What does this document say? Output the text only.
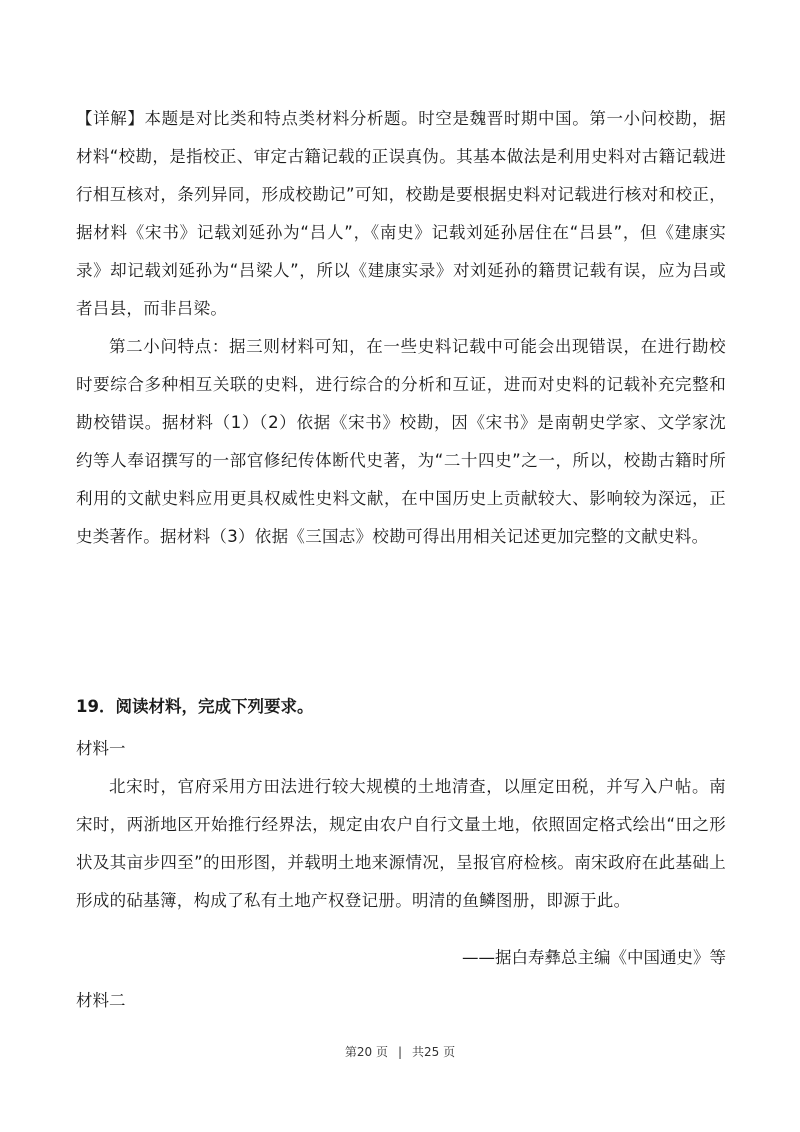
【详解】本题是对比类和特点类材料分析题。时空是魏晋时期中国。第一小问校勘，据材料“校勘，是指校正、审定古籍记载的正误真伪。其基本做法是利用史料对古籍记载进行相互核对，条列异同，形成校勘记”可知，校勘是要根据史料对记载进行核对和校正，据材料《宋书》记载刘延孙为“吕人”，《南史》记载刘延孙居住在“吕县”，但《建康实录》却记载刘延孙为“吕梁人”，所以《建康实录》对刘延孙的籍贯记载有误，应为吕或者吕县，而非吕梁。

第二小问特点：据三则材料可知，在一些史料记载中可能会出现错误，在进行勘校时要综合多种相互关联的史料，进行综合的分析和互证，进而对史料的记载补充完整和勘校错误。据材料（1）（2）依据《宋书》校勘，因《宋书》是南朝史学家、文学家沈约等人奉诏撰写的一部官修纪传体断代史著，为“二十四史”之一，所以，校勘古籍时所利用的文献史料应用更具权威性史料文献，在中国历史上贡献较大、影响较为深远，正史类著作。据材料（3）依据《三国志》校勘可得出用相关记述更加完整的文献史料。

19．阅读材料，完成下列要求。

材料一

北宋时，官府采用方田法进行较大规模的土地清查，以厘定田税，并写入户帖。南宋时，两浙地区开始推行经界法，规定由农户自行文量土地，依照固定格式绘出“田之形状及其亩步四至”的田形图，并载明土地来源情况，呈报官府检核。南宋政府在此基础上形成的砧基簿，构成了私有土地产权登记册。明清的鱼鳞图册，即源于此。

——据白寿彝总主编《中国通史》等

材料二

第20 页 | 共25 页
